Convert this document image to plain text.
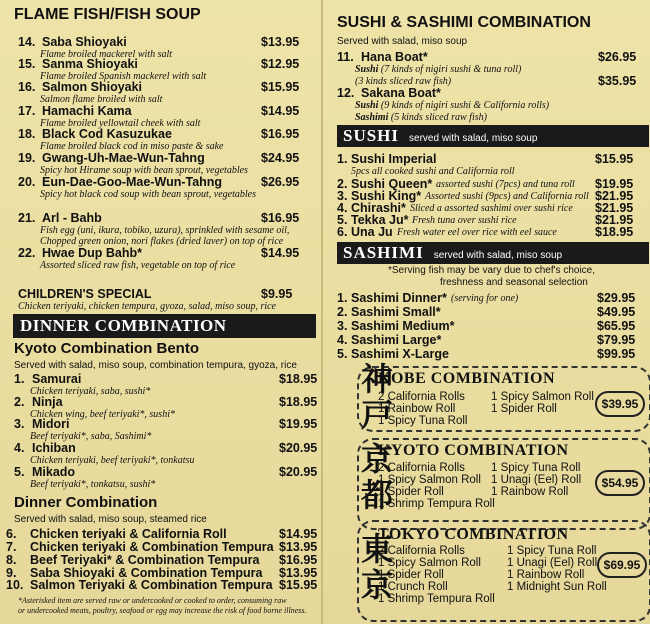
FLAME FISH/FISH SOUP
14. Saba Shioyaki	$13.95
Flame broiled mackerel with salt
15. Sanma Shioyaki	$12.95
Flame broiled Spanish mackerel with salt
16. Salmon Shioyaki	$15.95
Salmon flame broiled with salt
17. Hamachi Kama	$14.95
Flame broiled yellowtail cheek with salt
18. Black Cod Kasuzukae	$16.95
Flame broiled black cod in miso paste & sake
19. Gwang-Uh-Mae-Wun-Tahng	$24.95
Spicy hot Hirame soup with bean sprout, vegetables
20. Eun-Dae-Goo-Mae-Wun-Tahng	$26.95
Spicy hot black cod soup with bean sprout, vegetables
21. Arl - Bahb	$16.95
Fish egg (uni, ikura, tobiko, uzura), sprinkled with sesame oil,
Chopped green onion, nori flakes (dried laver) on top of rice
22. Hwae Dup Bahb*	$14.95
Assorted sliced raw fish, vegetable on top of rice
CHILDREN'S SPECIAL	$9.95
Chicken teriyaki, chicken tempura, gyoza, salad, miso soup, rice
DINNER COMBINATION
Kyoto Combination Bento
Served with salad, miso soup, combination tempura, gyoza, rice
1. Samurai	$18.95
Chicken teriyaki, saba, sushi*
2. Ninja	$18.95
Chicken wing, beef teriyaki*, sushi*
3. Midori	$19.95
Beef teriyaki*, saba, Sashimi*
4. Ichiban	$20.95
Chicken teriyaki, beef teriyaki*, tonkatsu
5. Mikado	$20.95
Beef teriyaki*, tonkatsu, sushi*
Dinner Combination
Served with salad, miso soup, steamed rice
6. Chicken teriyaki & California Roll	$14.95
7. Chicken teriyaki & Combination Tempura $13.95
8. Beef Teriyaki* & Combination Tempura $16.95
9. Saba Shioyaki & Combination Tempura $13.95
10. Salmon Teriyaki & Combination Tempura $15.95
*Asterisked item are served raw or undercooked or cooked to order, consuming raw
or undercooked meats, poultry, seafood or egg may increase the risk of food borne illness.
SUSHI & SASHIMI COMBINATION
Served with salad, miso soup
11. Hana Boat*	$26.95
Sushi (7 kinds of nigiri sushi & tuna roll)
(3 kinds sliced raw fish)	$35.95
12. Sakana Boat*
Sushi (9 kinds of nigiri sushi & California rolls)
Sashimi (5 kinds sliced raw fish)
SUSHI served with salad, miso soup
1. Sushi Imperial	$15.95
2. Sushi Queen* assorted sushi (7pcs) and tuna roll $19.95
3. Sushi King* Assorted sushi (9pcs) and California roll $21.95
4. Chirashi* Sliced a assorted sashimi over sushi rice $21.95
5. Tekka Ju* Fresh tuna over sushi rice	$21.95
6. Una Ju Fresh water eel over rice with eel sauce	$18.95
5pcs all cooked sushi and California roll
SASHIMI served with salad, miso soup
*Serving fish may be vary due to chef's choice,
freshness and seasonal selection
1. Sashimi Dinner* (serving for one)	$29.95
2. Sashimi Small*	$49.95
3. Sashimi Medium*	$65.95
4. Sashimi Large*	$79.95
5. Sashimi X-Large	$99.95
神
戸
KOBE COMBINATION
2 California Rolls
1 Rainbow Roll
1 Spicy Tuna Roll
1 Spicy Salmon Roll
1 Spider Roll	$39.95
京
都
KYOTO COMBINATION
2 California Rolls
1 Spicy Salmon Roll
1 Spider Roll
1 Shrimp Tempura Roll
1 Spicy Tuna Roll
1 Unagi (Eel) Roll
1 Rainbow Roll
$54.95
東
京
TOKYO COMBINATION
2 California Rolls
1 Spicy Salmon Roll
1 Spider Roll
1 Crunch Roll
1 Shrimp Tempura Roll
1 Spicy Tuna Roll
1 Unagi (Eel) Roll
1 Rainbow Roll
1 Midnight Sun Roll
$69.95
